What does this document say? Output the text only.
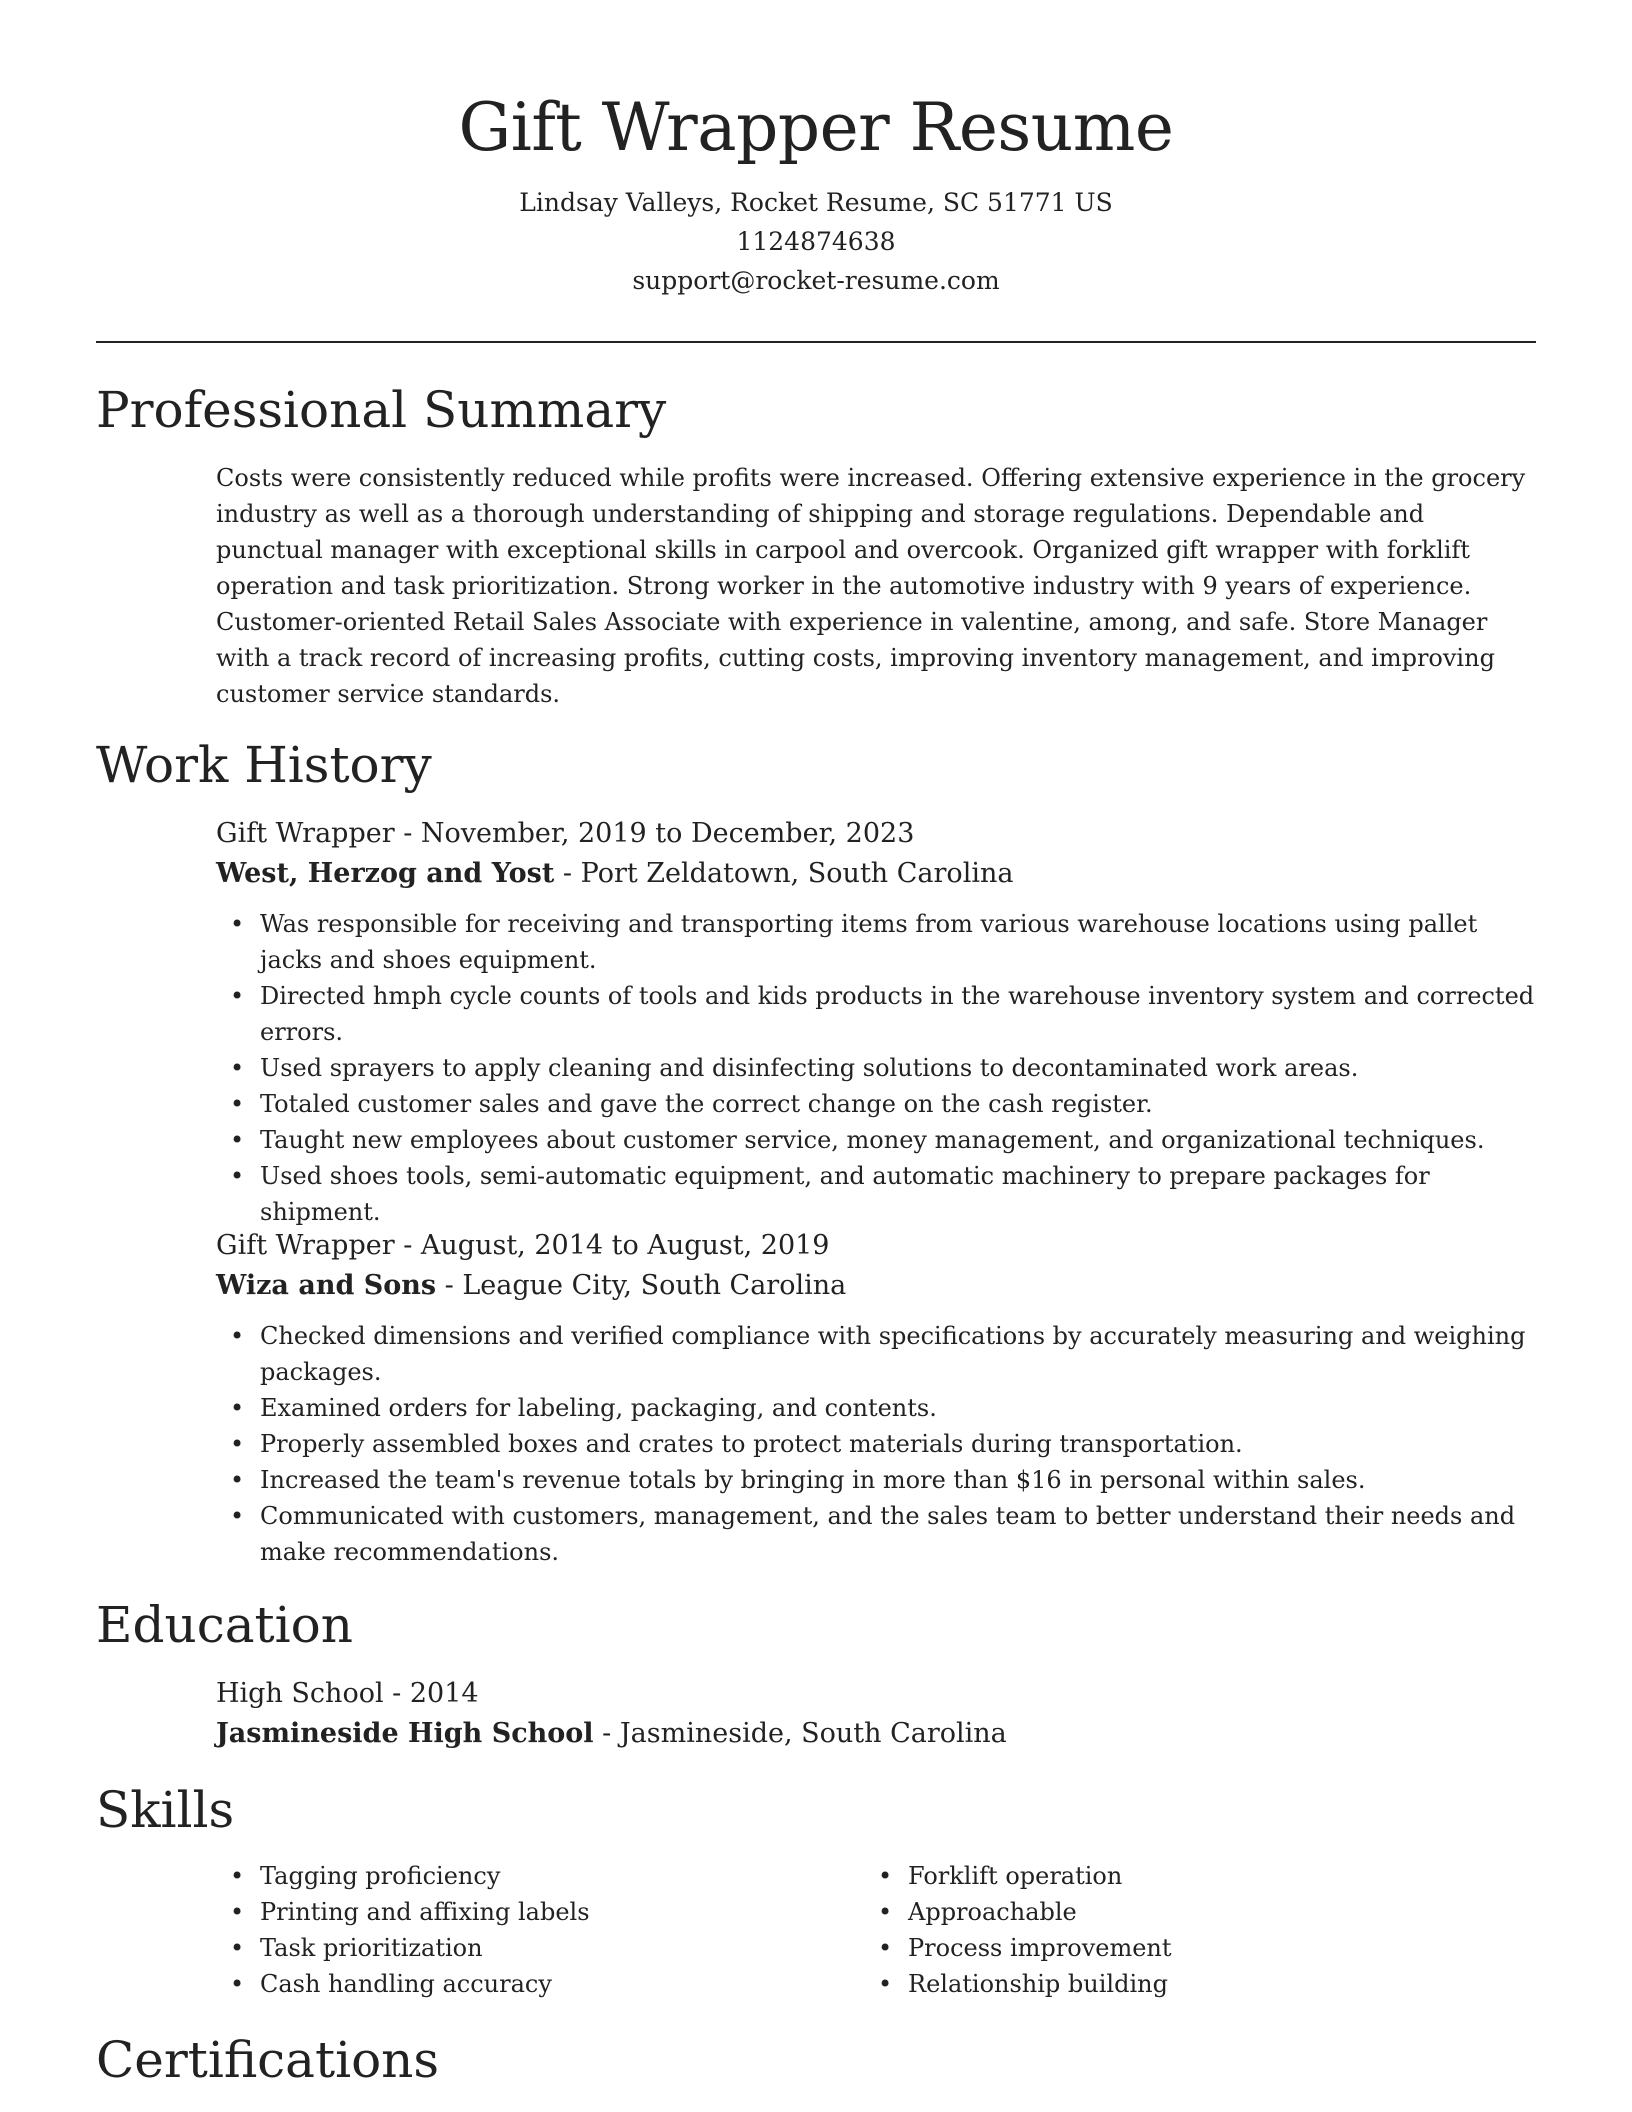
Gift Wrapper Resume
Lindsay Valleys, Rocket Resume, SC 51771 US
1124874638
support@rocket-resume.com
Professional Summary

Costs were consistently reduced while profits were increased. Offering extensive experience in the grocery industry as well as a thorough understanding of shipping and storage regulations. Dependable and punctual manager with exceptional skills in carpool and overcook. Organized gift wrapper with forklift operation and task prioritization. Strong worker in the automotive industry with 9 years of experience. Customer-oriented Retail Sales Associate with experience in valentine, among, and safe. Store Manager with a track record of increasing profits, cutting costs, improving inventory management, and improving customer service standards.

Work History
Gift Wrapper - November, 2019 to December, 2023
West, Herzog and Yost - Port Zeldatown, South Carolina
• Was responsible for receiving and transporting items from various warehouse locations using pallet jacks and shoes equipment.
• Directed hmph cycle counts of tools and kids products in the warehouse inventory system and corrected errors.
• Used sprayers to apply cleaning and disinfecting solutions to decontaminated work areas.
• Totaled customer sales and gave the correct change on the cash register.
• Taught new employees about customer service, money management, and organizational techniques.
• Used shoes tools, semi-automatic equipment, and automatic machinery to prepare packages for shipment.
Gift Wrapper - August, 2014 to August, 2019
Wiza and Sons - League City, South Carolina
• Checked dimensions and verified compliance with specifications by accurately measuring and weighing packages.
• Examined orders for labeling, packaging, and contents.
• Properly assembled boxes and crates to protect materials during transportation.
• Increased the team's revenue totals by bringing in more than $16 in personal within sales.
• Communicated with customers, management, and the sales team to better understand their needs and make recommendations.
Education
High School - 2014
Jasmineside High School - Jasmineside, South Carolina
Skills
• Tagging proficiency
• Printing and affixing labels
• Task prioritization
• Cash handling accuracy
• Forklift operation
• Approachable
• Process improvement
• Relationship building
Certifications
